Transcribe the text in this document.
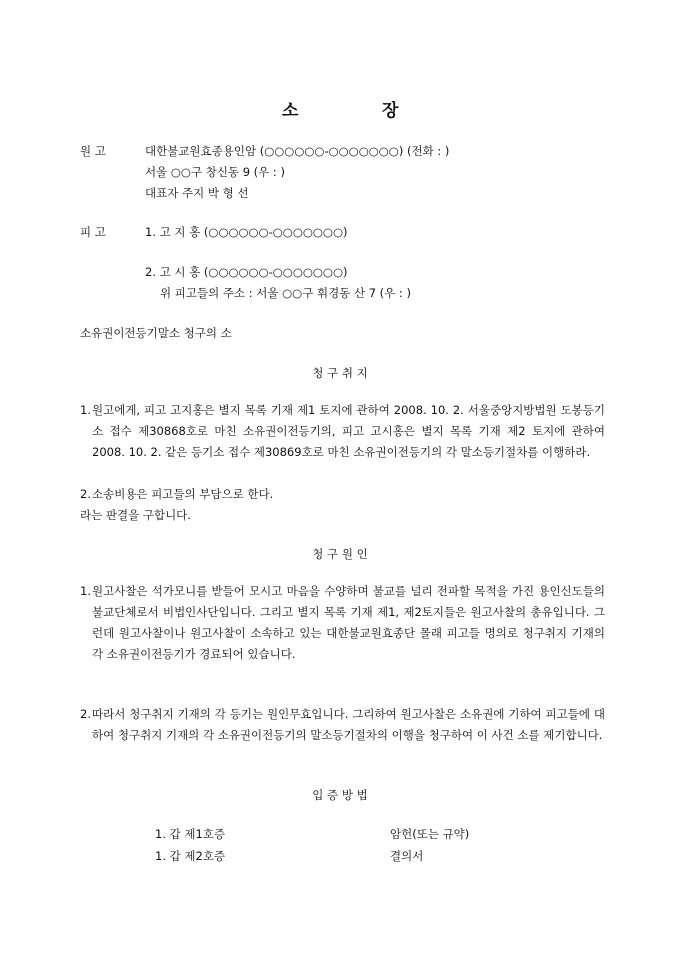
소	장
원 고	대한불교원효종용인암 (○○○○○○-○○○○○○○) (전화 : )
서울 ○○구 창신동 9 (우 : )
대표자 주지 박 형 선
피 고	1. 고 지 홍 (○○○○○○-○○○○○○○)
2. 고 시 홍 (○○○○○○-○○○○○○○)
위 피고들의 주소 : 서울 ○○구 휘경동 산 7 (우 : )
소유권이전등기말소 청구의 소
청 구 취 지
1. 원고에게, 피고 고지홍은 별지 목록 기재 제1 토지에 관하여 2008. 10. 2. 서울중앙지방법원 도봉등기소 접수 제30868호로 마친 소유권이전등기의, 피고 고시홍은 별지 목록 기재 제2 토지에 관하여 2008. 10. 2. 같은 등기소 접수 제30869호로 마친 소유권이전등기의 각 말소등기절차를 이행하라.
2. 소송비용은 피고들의 부담으로 한다.
라는 판결을 구합니다.
청 구 원 인
1. 원고사찰은 석가모니를 받들어 모시고 마음을 수양하며 불교를 널리 전파할 목적을 가진 용인신도들의 불교단체로서 비법인사단입니다. 그리고 별지 목록 기재 제1, 제2토지들은 원고사찰의 총유입니다. 그런데 원고사찰이나 원고사찰이 소속하고 있는 대한불교원효종단 몰래 피고들 명의로 청구취지 기재의 각 소유권이전등기가 경료되어 있습니다.
2. 따라서 청구취지 기재의 각 등기는 원인무효입니다. 그리하여 원고사찰은 소유권에 기하여 피고들에 대하여 청구취지 기재의 각 소유권이전등기의 말소등기절차의 이행을 청구하여 이 사건 소를 제기합니다.
입 증 방 법
1. 갑 제1호증	암헌(또는 규약)
1. 갑 제2호증	결의서
